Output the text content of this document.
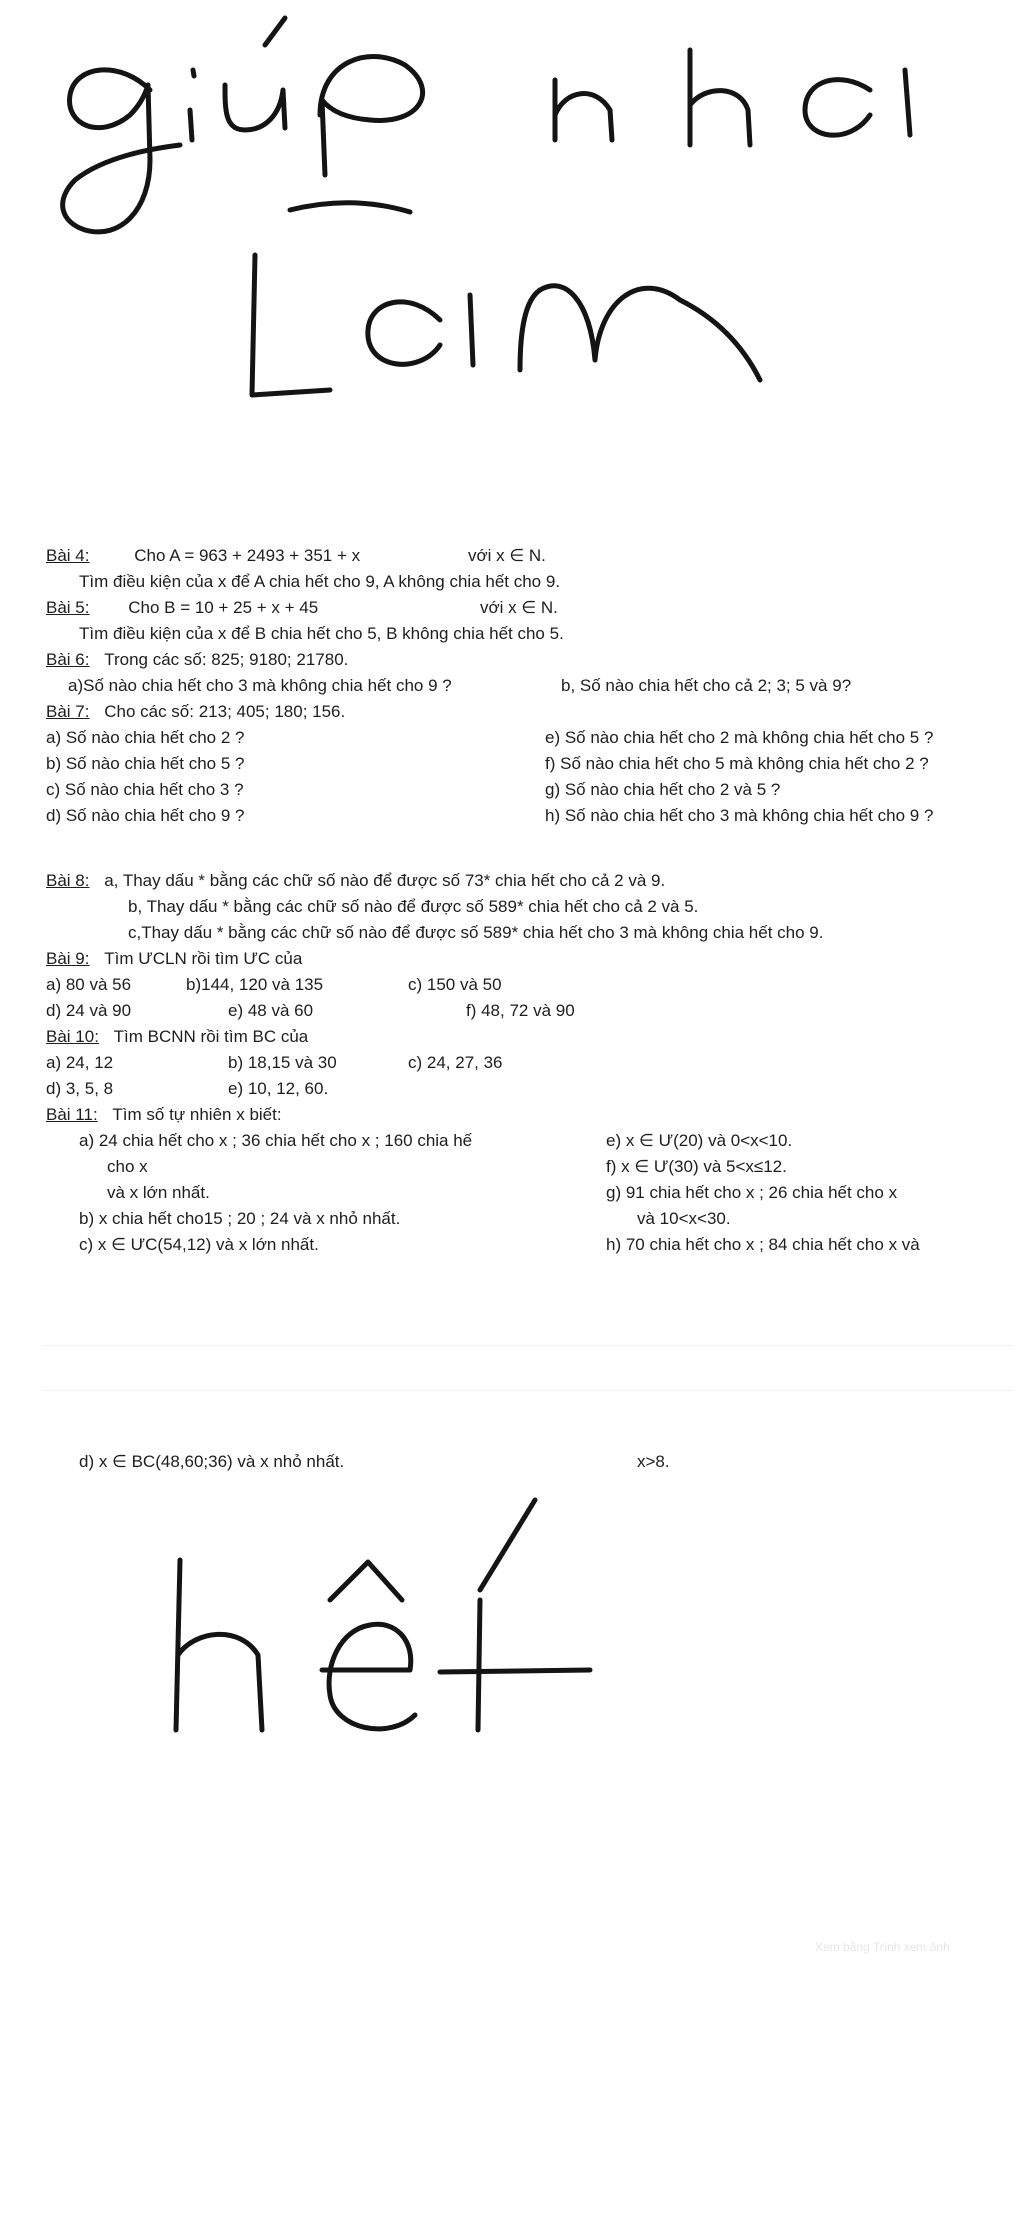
Bài 4:	Cho A = 963 + 2493 + 351 + x	với x ∈ N.
Tìm điều kiện của x để A chia hết cho 9, A không chia hết cho 9.
Bài 5: Cho B = 10 + 25 + x + 45	với x ∈ N.
Tìm điều kiện của x để B chia hết cho 5, B không chia hết cho 5.
Bài 6: Trong các số: 825; 9180; 21780.
a)Số nào chia hết cho 3 mà không chia hết cho 9 ?	b, Số nào chia hết cho cả 2; 3; 5 và 9?
Bài 7: Cho các số: 213; 405; 180; 156.
a) Số nào chia hết cho 2 ?	e) Số nào chia hết cho 2 mà không chia hết cho 5 ?
b) Số nào chia hết cho 5 ?	f) Số nào chia hết cho 5 mà không chia hết cho 2 ?
c) Số nào chia hết cho 3 ?	g) Số nào chia hết cho 2 và 5 ?
d) Số nào chia hết cho 9 ?	h) Số nào chia hết cho 3 mà không chia hết cho 9 ?
Bài 8: a, Thay dấu * bằng các chữ số nào để được số 73* chia hết cho cả 2 và 9.
b, Thay dấu * bằng các chữ số nào để được số 589* chia hết cho cả 2 và 5.
c,Thay dấu * bằng các chữ số nào để được số 589* chia hết cho 3 mà không chia hết cho 9.
Bài 9: Tìm ƯCLN rồi tìm ƯC của
a) 80 và 56	b)144, 120 và 135	c) 150 và 50
d) 24 và 90	e) 48 và 60	f) 48, 72 và 90
Bài 10: Tìm BCNN rồi tìm BC của
a) 24, 12	b) 18,15 và 30	c) 24, 27, 36
d) 3, 5, 8	e) 10, 12, 60.
Bài 11: Tìm số tự nhiên x biết:
a) 24 chia hết cho x ; 36 chia hết cho x ; 160 chia hế	e) x ∈ Ư(20) và 0<x<10.
cho x	f) x ∈ Ư(30) và 5<x≤12.
và x lớn nhất.	g) 91 chia hết cho x ; 26 chia hết cho x
b) x chia hết cho15 ; 20 ; 24 và x nhỏ nhất.	và 10<x<30.
c) x ∈ ƯC(54,12) và x lớn nhất.	h) 70 chia hết cho x ; 84 chia hết cho x và
d) x ∈ BC(48,60;36) và x nhỏ nhất.	x>8.
Xem bằng Trình xem ảnh
